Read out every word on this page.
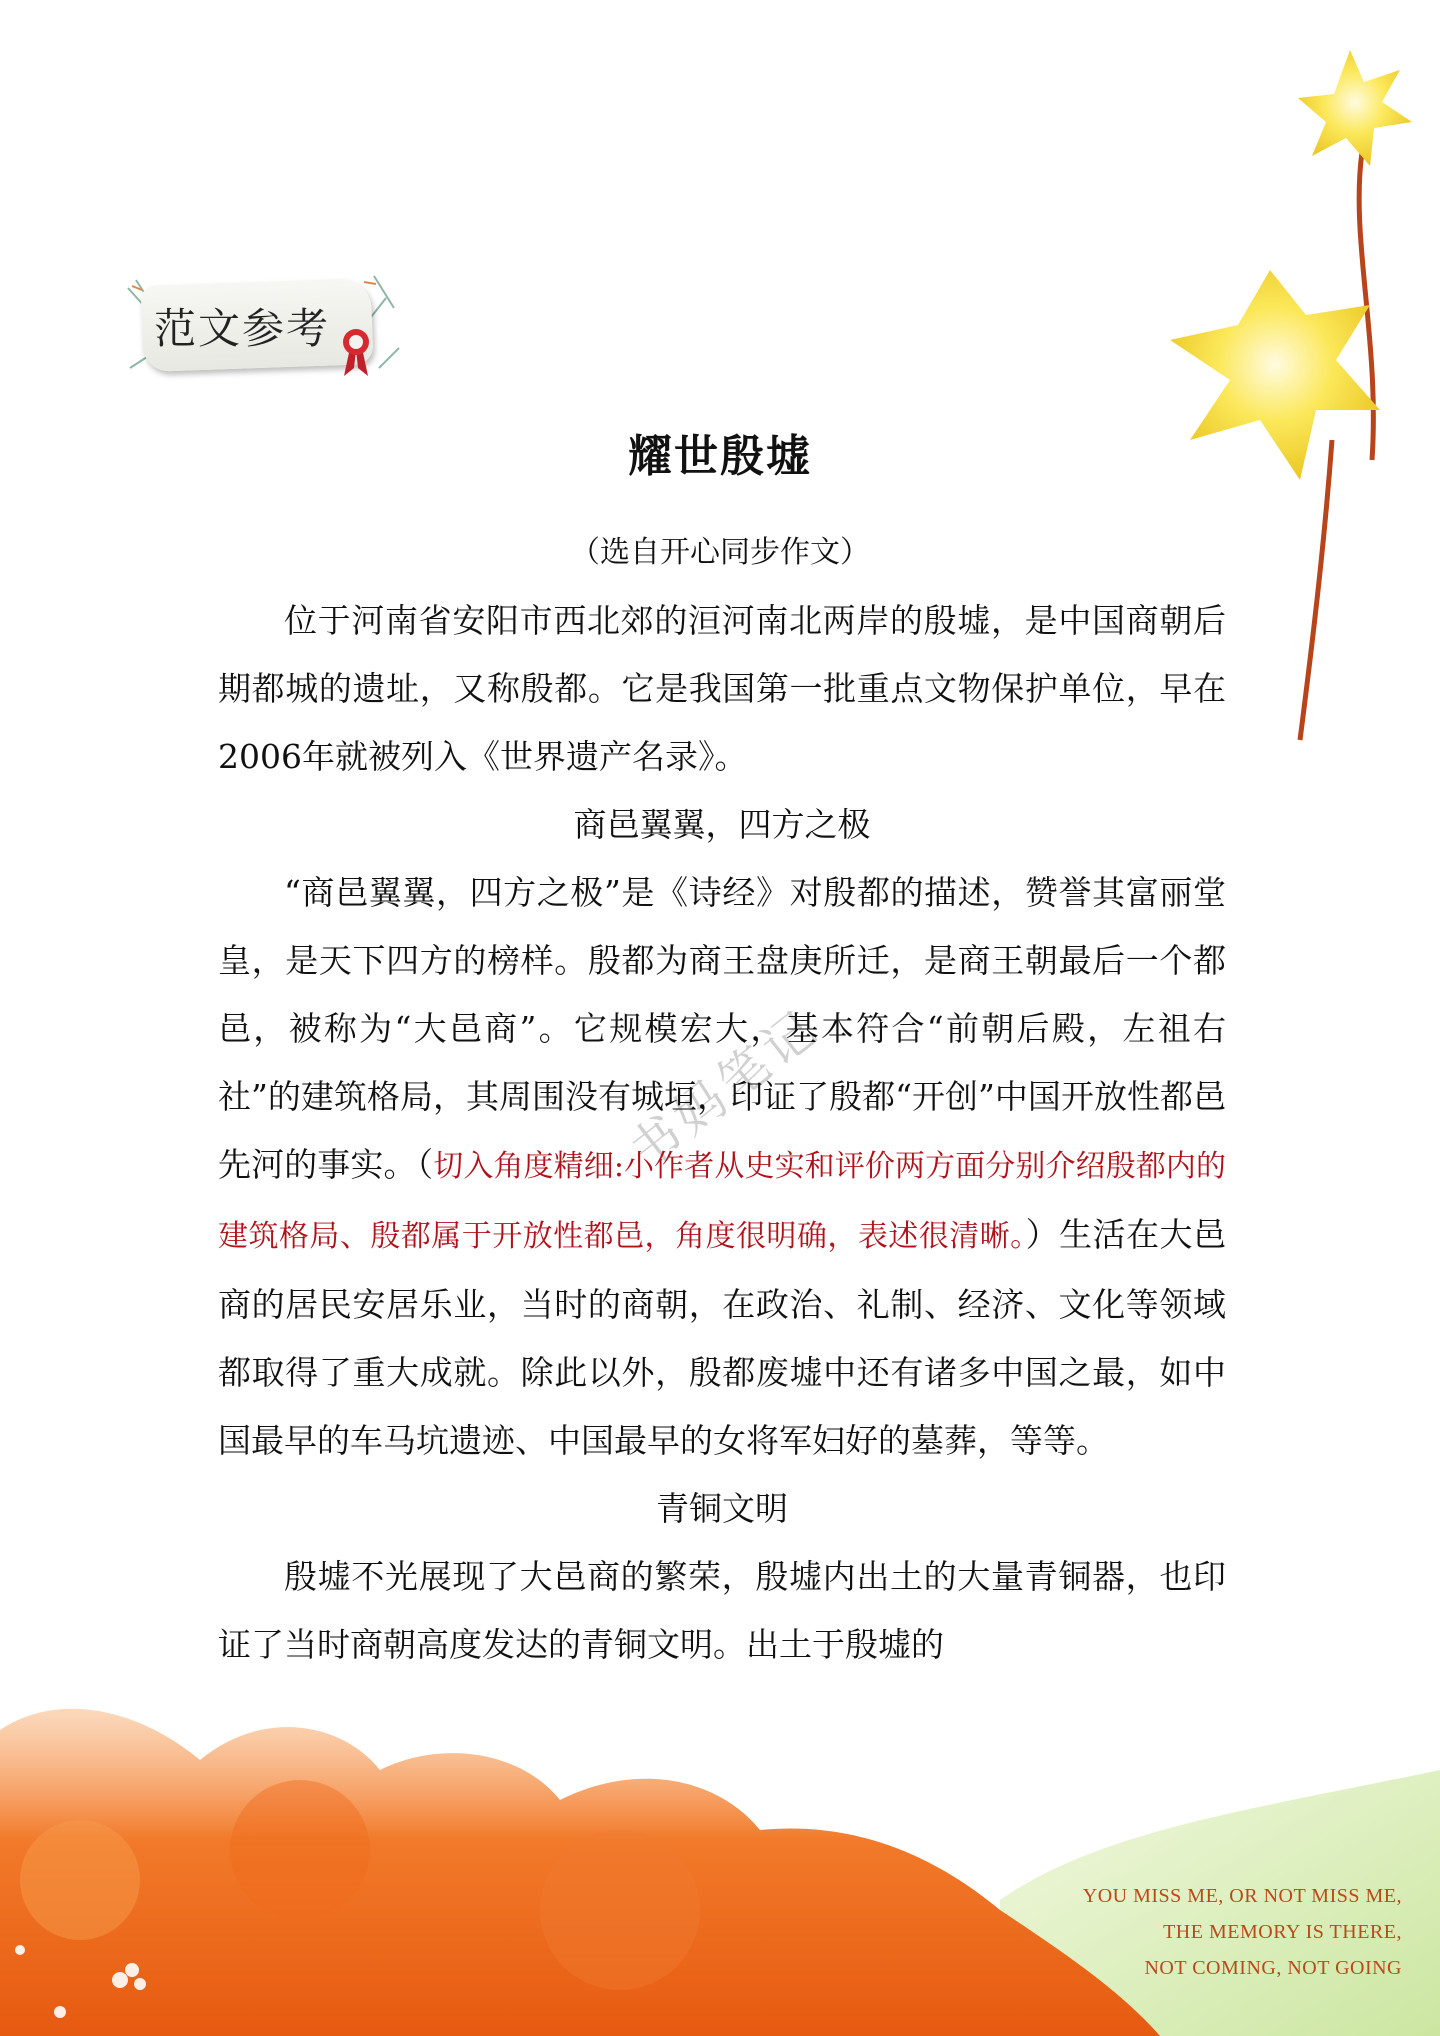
范文参考
书妈笔记
耀世殷墟
（选自开心同步作文）

位于河南省安阳市西北郊的洹河南北两岸的殷墟，是中国商朝后期都城的遗址，又称殷都。它是我国第一批重点文物保护单位，早在2006年就被列入《世界遗产名录》。

商邑翼翼，四方之极

“商邑翼翼，四方之极”是《诗经》对殷都的描述，赞誉其富丽堂皇，是天下四方的榜样。殷都为商王盘庚所迁，是商王朝最后一个都邑，被称为“大邑商”。它规模宏大，基本符合“前朝后殿，左祖右社”的建筑格局，其周围没有城垣，印证了殷都“开创”中国开放性都邑先河的事实。（切入角度精细:小作者从史实和评价两方面分别介绍殷都内的建筑格局、殷都属于开放性都邑，角度很明确，表述很清晰。）生活在大邑商的居民安居乐业，当时的商朝，在政治、礼制、经济、文化等领域都取得了重大成就。除此以外，殷都废墟中还有诸多中国之最，如中国最早的车马坑遗迹、中国最早的女将军妇好的墓葬，等等。

青铜文明

殷墟不光展现了大邑商的繁荣，殷墟内出土的大量青铜器，也印证了当时商朝高度发达的青铜文明。出土于殷墟的

YOU MISS ME, OR NOT MISS ME,
THE MEMORY IS THERE,
NOT COMING, NOT GOING
